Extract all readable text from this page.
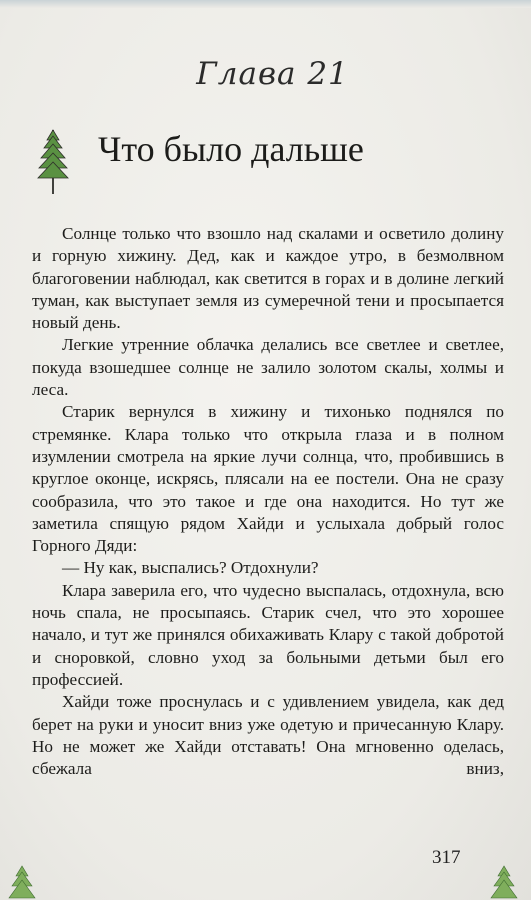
Глава 21
Что было дальше

Солнце только что взошло над скалами и осветило долину и горную хижину. Дед, как и каждое утро, в безмолвном благоговении наблюдал, как светится в горах и в долине легкий туман, как выступает земля из сумеречной тени и просыпается новый день.

Легкие утренние облачка делались все светлее и светлее, покуда взошедшее солнце не залило золотом скалы, холмы и леса.

Старик вернулся в хижину и тихонько поднялся по стремянке. Клара только что открыла глаза и в полном изумлении смотрела на яркие лучи солнца, что, пробившись в круглое оконце, искрясь, плясали на ее постели. Она не сразу сообразила, что это такое и где она находится. Но тут же заметила спящую рядом Хайди и услыхала добрый голос Горного Дяди:

— Ну как, выспались? Отдохнули?

Клара заверила его, что чудесно выспалась, отдохнула, всю ночь спала, не просыпаясь. Старик счел, что это хорошее начало, и тут же принялся обихаживать Клару с такой добротой и сноровкой, словно уход за больными детьми был его профессией.

Хайди тоже проснулась и с удивлением увидела, как дед берет на руки и уносит вниз уже одетую и причесанную Клару. Но не может же Хайди отставать! Она мгновенно оделась, сбежала вниз,

317
